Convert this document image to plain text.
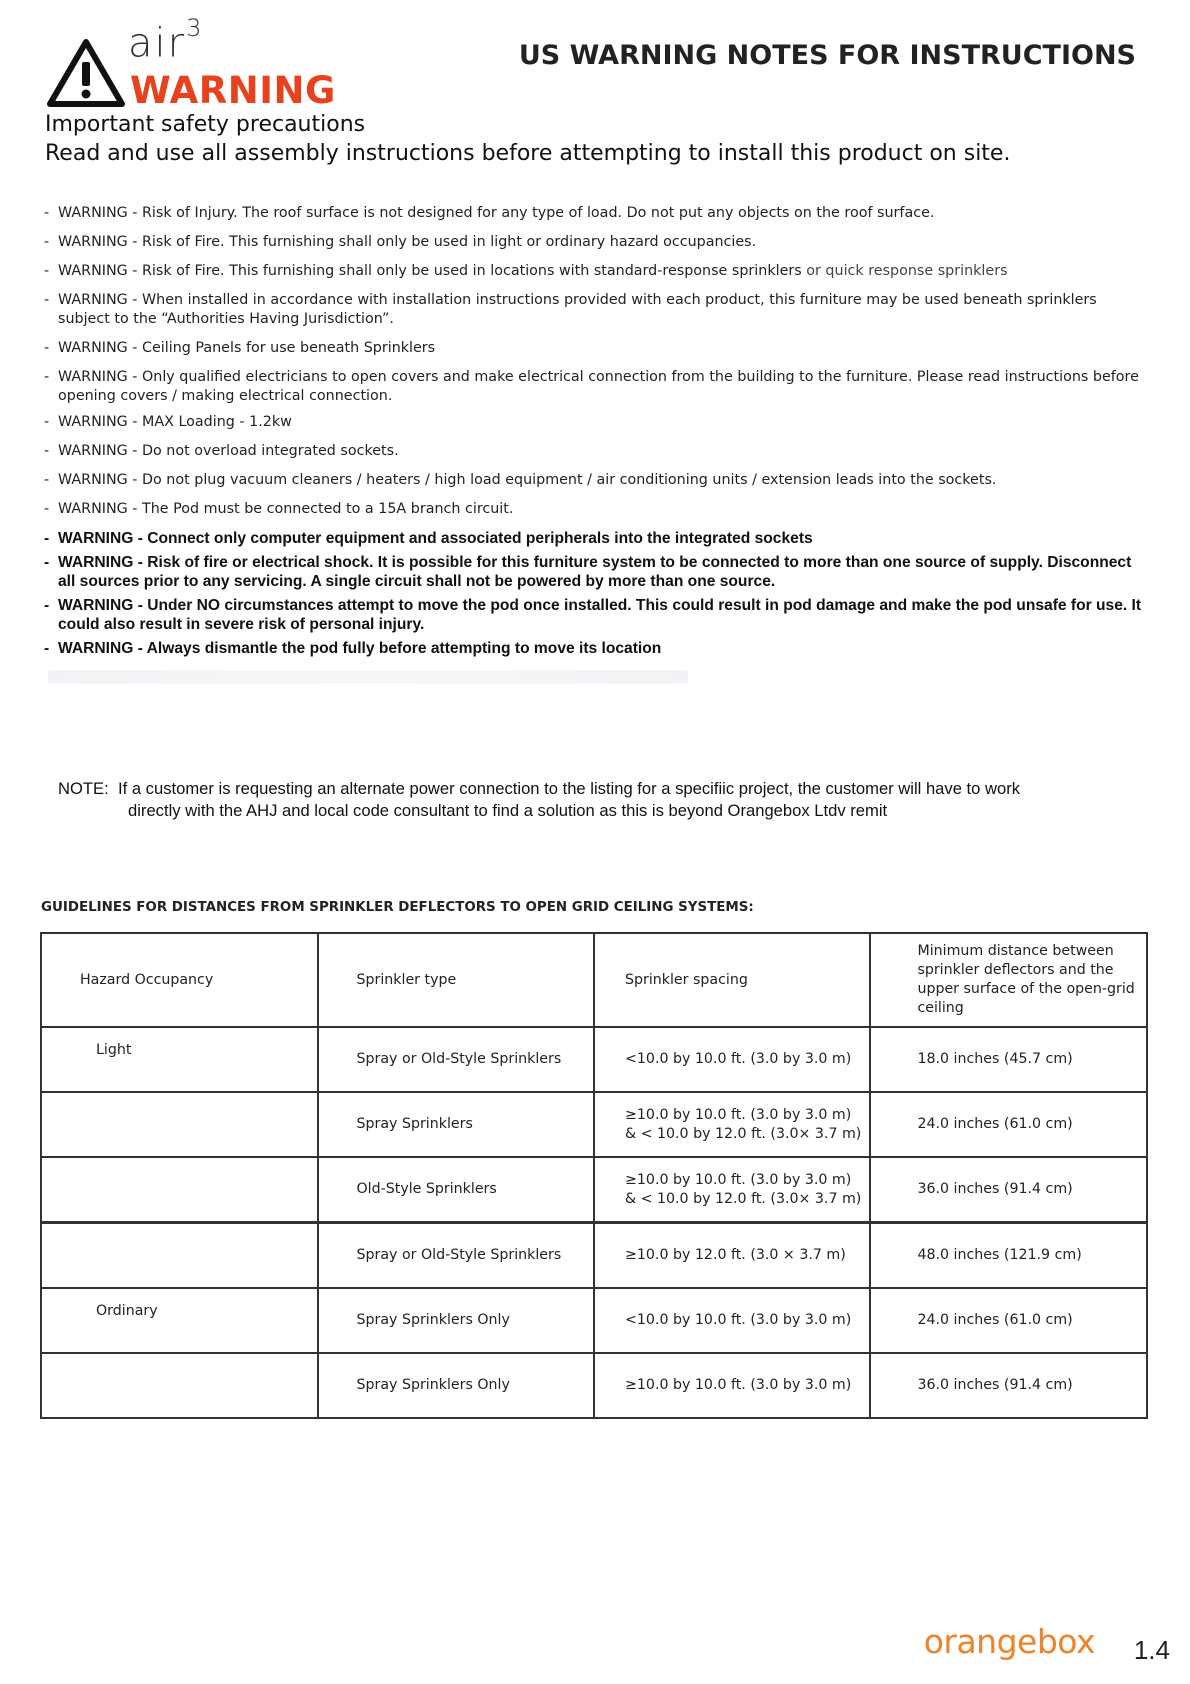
air$^3$
WARNING
US WARNING NOTES FOR INSTRUCTIONS
Important safety precautions
Read and use all assembly instructions before attempting to install this product on site.
- WARNING - Risk of Injury. The roof surface is not designed for any type of load. Do not put any objects on the roof surface.
- WARNING - Risk of Fire. This furnishing shall only be used in light or ordinary hazard occupancies.
- WARNING - Risk of Fire. This furnishing shall only be used in locations with standard-response sprinklers or quick response sprinklers
- WARNING - When installed in accordance with installation instructions provided with each product, this furniture may be used beneath sprinklers subject to the “Authorities Having Jurisdiction”.
- WARNING - Ceiling Panels for use beneath Sprinklers
- WARNING - Only qualified electricians to open covers and make electrical connection from the building to the furniture. Please read instructions before opening covers / making electrical connection.
- WARNING - MAX Loading - 1.2kw
- WARNING - Do not overload integrated sockets.
- WARNING - Do not plug vacuum cleaners / heaters / high load equipment / air conditioning units / extension leads into the sockets.
- WARNING - The Pod must be connected to a 15A branch circuit.
- WARNING - Connect only computer equipment and associated peripherals into the integrated sockets
- WARNING - Risk of fire or electrical shock. It is possible for this furniture system to be connected to more than one source of supply. Disconnect all sources prior to any servicing. A single circuit shall not be powered by more than one source.
- WARNING - Under NO circumstances attempt to move the pod once installed. This could result in pod damage and make the pod unsafe for use. It could also result in severe risk of personal injury.
- WARNING - Always dismantle the pod fully before attempting to move its location
NOTE: If a customer is requesting an alternate power connection to the listing for a specifiic project, the customer will have to work
directly with the AHJ and local code consultant to find a solution as this is beyond Orangebox Ltdv remit
GUIDELINES FOR DISTANCES FROM SPRINKLER DEFLECTORS TO OPEN GRID CEILING SYSTEMS:
Hazard Occupancy	Sprinkler type	Sprinkler spacing	Minimum distance between sprinkler deflectors and the upper surface of the open-grid ceiling
Light	Spray or Old-Style Sprinklers	<10.0 by 10.0 ft. (3.0 by 3.0 m)	18.0 inches (45.7 cm)
	Spray Sprinklers	≥10.0 by 10.0 ft. (3.0 by 3.0 m)
& < 10.0 by 12.0 ft. (3.0× 3.7 m)	24.0 inches (61.0 cm)
	Old-Style Sprinklers	≥10.0 by 10.0 ft. (3.0 by 3.0 m)
& < 10.0 by 12.0 ft. (3.0× 3.7 m)	36.0 inches (91.4 cm)
	Spray or Old-Style Sprinklers	≥10.0 by 12.0 ft. (3.0 × 3.7 m)	48.0 inches (121.9 cm)
Ordinary	Spray Sprinklers Only	<10.0 by 10.0 ft. (3.0 by 3.0 m)	24.0 inches (61.0 cm)
	Spray Sprinklers Only	≥10.0 by 10.0 ft. (3.0 by 3.0 m)	36.0 inches (91.4 cm)
orangebox 1.4
